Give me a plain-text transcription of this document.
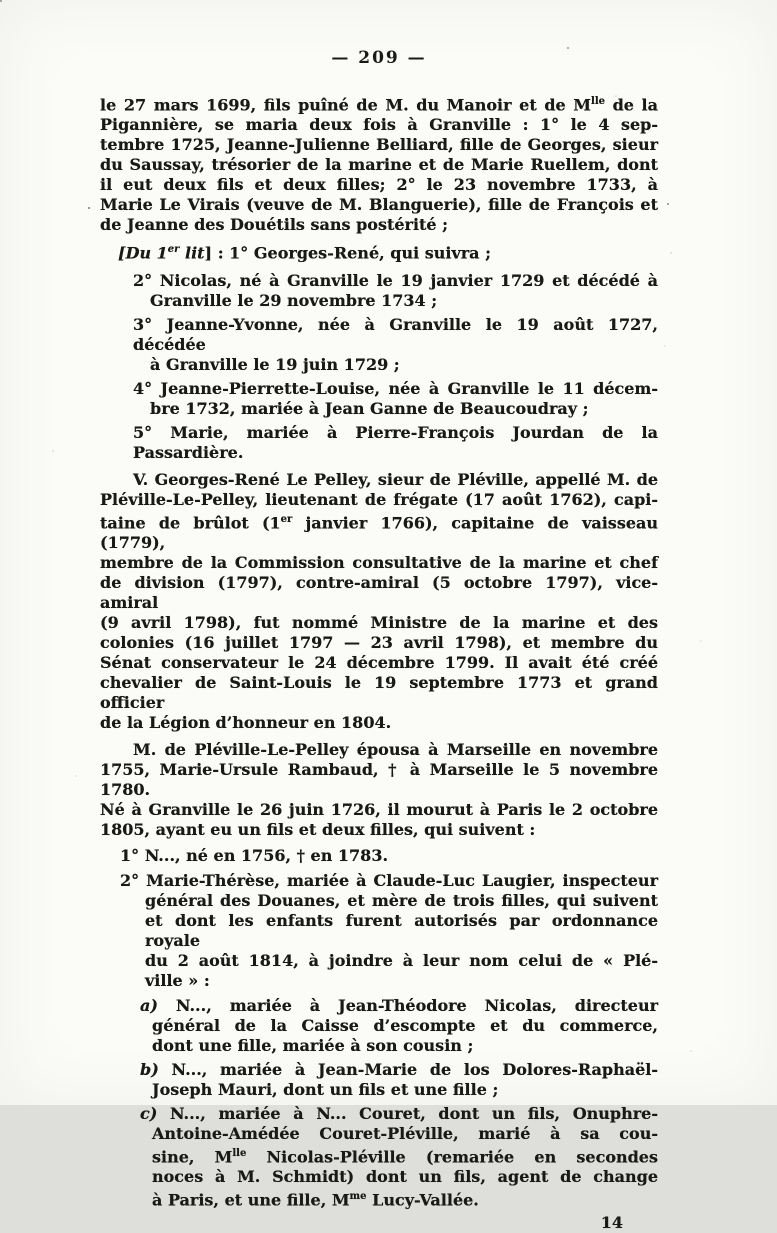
— 209 —
le 27 mars 1699, fils puîné de M. du Manoir et de $M^{lle}$ de la
Pigannière, se maria deux fois à Granville : 1° le 4 sep-
tembre 1725, Jeanne-Julienne Belliard, fille de Georges, sieur
du Saussay, trésorier de la marine et de Marie Ruellem, dont
il eut deux fils et deux filles; 2° le 23 novembre 1733, à
Marie Le Virais (veuve de M. Blanguerie), fille de François et
de Jeanne des Douétils sans postérité ;
[Du 1er lit] : 1° Georges-René, qui suivra ;
2° Nicolas, né à Granville le 19 janvier 1729 et décédé à
Granville le 29 novembre 1734 ;
3° Jeanne-Yvonne, née à Granville le 19 août 1727, décédée
à Granville le 19 juin 1729 ;
4° Jeanne-Pierrette-Louise, née à Granville le 11 décem-
bre 1732, mariée à Jean Ganne de Beaucoudray ;
5° Marie, mariée à Pierre-François Jourdan de la Passardière.
V. Georges-René Le Pelley, sieur de Pléville, appellé M. de
Pléville-Le-Pelley, lieutenant de frégate (17 août 1762), capi-
taine de brûlot (1er janvier 1766), capitaine de vaisseau (1779),
membre de la Commission consultative de la marine et chef
de division (1797), contre-amiral (5 octobre 1797), vice-amiral
(9 avril 1798), fut nommé Ministre de la marine et des
colonies (16 juillet 1797 — 23 avril 1798), et membre du
Sénat conservateur le 24 décembre 1799. Il avait été créé
chevalier de Saint-Louis le 19 septembre 1773 et grand officier
de la Légion d’honneur en 1804.
M. de Pléville-Le-Pelley épousa à Marseille en novembre
1755, Marie-Ursule Rambaud, † à Marseille le 5 novembre 1780.
Né à Granville le 26 juin 1726, il mourut à Paris le 2 octobre
1805, ayant eu un fils et deux filles, qui suivent :
1° N..., né en 1756, † en 1783.
2° Marie-Thérèse, mariée à Claude-Luc Laugier, inspecteur
général des Douanes, et mère de trois filles, qui suivent
et dont les enfants furent autorisés par ordonnance royale
du 2 août 1814, à joindre à leur nom celui de « Plé-
ville » :
a) N..., mariée à Jean-Théodore Nicolas, directeur
général de la Caisse d’escompte et du commerce,
dont une fille, mariée à son cousin ;
b) N..., mariée à Jean-Marie de los Dolores-Raphaël-
Joseph Mauri, dont un fils et une fille ;
c) N..., mariée à N... Couret, dont un fils, Onuphre-
Antoine-Amédée Couret-Pléville, marié à sa cou-
sine, $M^{lle}$ Nicolas-Pléville (remariée en secondes
noces à M. Schmidt) dont un fils, agent de change
à Paris, et une fille, $M^{me}$ Lucy-Vallée.
14
